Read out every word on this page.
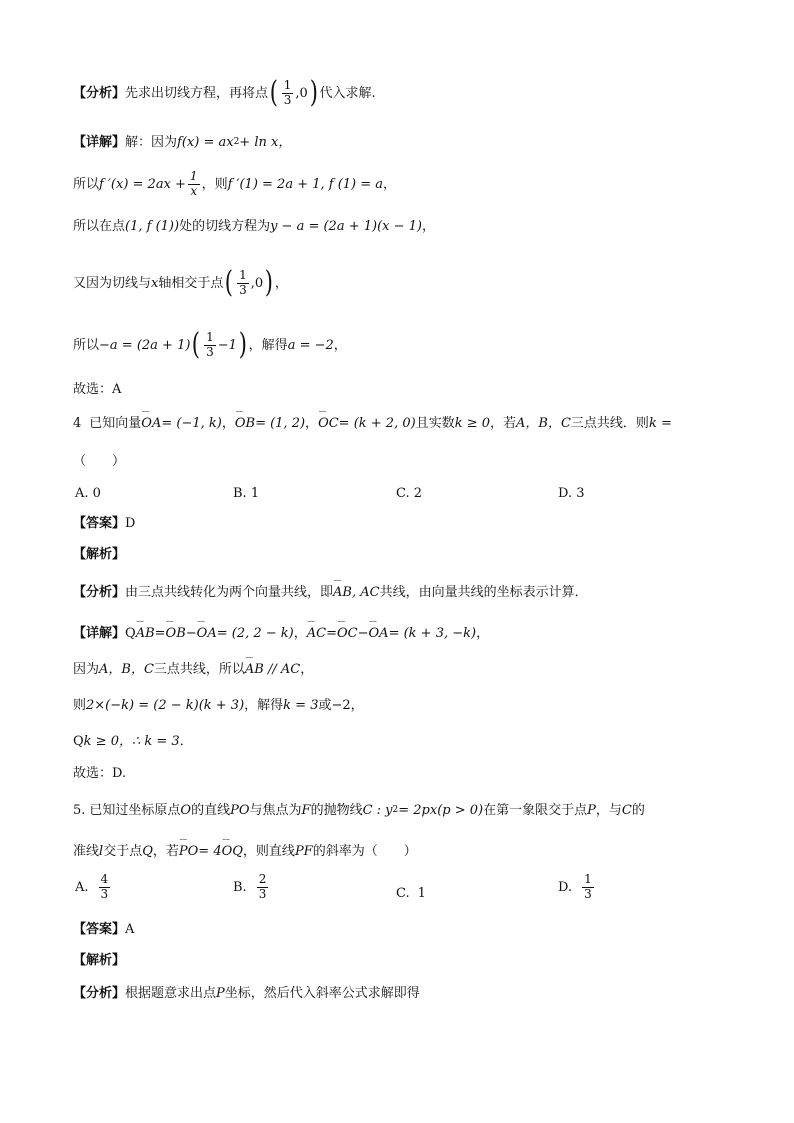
【分析】 先求出切线方程，再将点 ( $\frac{1}{3} ,0$ ) 代入求解.
【详解】 解：因为 f (x) = ax 2 + ln x，
所以 f $'(x) = 2ax + \frac{1}{x}$ ，则 f ′(1) = 2a + 1, f (1) = a ，
所以在点 (1, f (1)) 处的切线方程为 y − a = (2a + 1)(x − 1) ，
又因为切线与 x 轴相交于点 ( $\frac{1}{3} ,0$ ) ，
所以 −a = (2a + 1) ( $\frac{1}{3} -1$ ) ，解得 a = −2 ，
故选：A
4 已知向量 ⌣⌣ OA = (−1, k) ， ⌣⌣ OB = (1, 2) ， ⌣⌣ OC = (k + 2, 0) 且实数 k ≥ 0 ，若 A，B，C 三点共线．则 k =
（　　）
A. 0	B. 1	C. 2	D. 3
【答案】 D
【解析】
【分析】 由三点共线转化为两个向量共线，即 ⌣⌣ AB, AC 共线，由向量共线的坐标表示计算．
【详解】 Q ⌣⌣ AB = ⌣⌣ OB − ⌣⌣ OA = (2, 2 − k) ， ⌣⌣ AC = ⌣⌣ OC − ⌣⌣ OA = (k + 3, −k) ，
因为 A，B，C 三点共线，所以 ⌣⌣ AB // AC ，
则 2×(−k) = (2 − k)(k + 3) ，解得 k = 3 或−2，
Q k ≥ 0， ∴ k = 3 ．
故选：D.
5. 已知过坐标原点 O 的直线 PO 与焦点为 F 的抛物线 C : y 2 = 2px(p > 0) 在第一象限交于点 P ，与 C 的
准线 l 交于点 Q ，若 ⌣⌣ PO = 4 ⌣⌣ OQ ，则直线 PF 的斜率为（　　）
A. $\frac{4}{3}$	B. $\frac{2}{3}$	C. 1	D. $\frac{1}{3}$
【答案】 A
【解析】
【分析】 根据题意求出点 P 坐标，然后代入斜率公式求解即得
